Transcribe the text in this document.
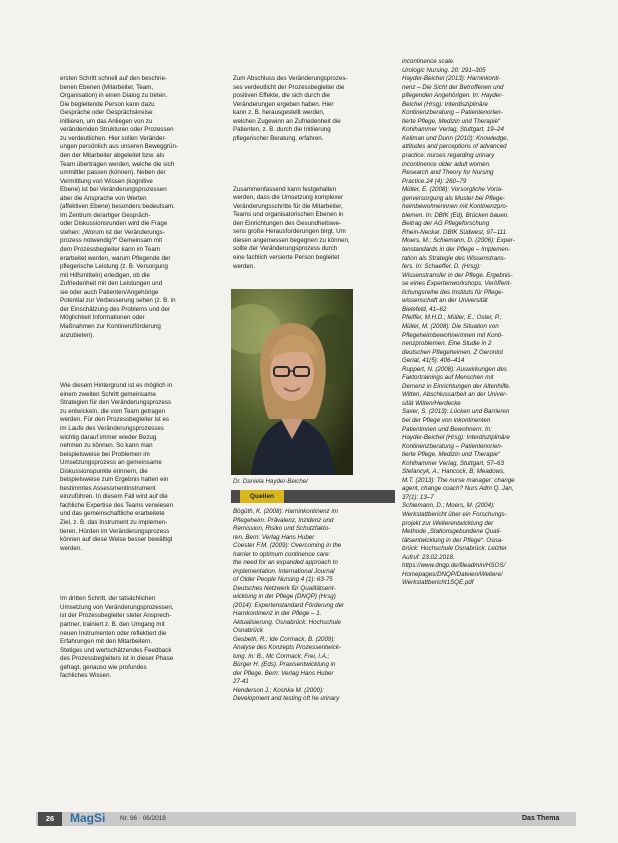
ersten Schritt schnell auf den beschrie-
benen Ebenen (Mitarbeiter, Team,
Organisation) in einen Dialog zu treten.
Die begleitende Person kann dazu
Gespräche oder Gesprächskreise
initiieren, um das Anliegen von zu
verändernden Strukturen oder Prozessen
zu verdeutlichen. Hier sollen Veränder-
ungen persönlich aus unseren Beweggrün-
den der Mitarbeiter abgeleitet bzw. als
Team übertragen werden, welche die sich
ummittler passen (können). Neben der
Vermittlung von Wissen (kognitive
Ebene) ist bei Veränderungsprozessen
aber die Ansprache von Werten
(affektiven Ebene) besonders bedeutsam.
Im Zentrum derartiger Gespräch-
oder Diskussionsrunden wird die Frage
stehen: „Worum ist der Veränderungs-
prozess notwendig?“ Gemeinsam mit
dem Prozessbegleiter kann im Team
erarbeitet werden, warum Pflegende der
pflegerische Leistung (z. B. Versorgung
mit Hilfsmitteln) erledigen, ob die
Zufriedenheit mit den Leistungen und
sie oder auch Patienten/Angehörige
Potential zur Verbesserung sehen (z. B. in
der Einschätzung des Problems und der
Möglichkeit Informationen oder
Maßnahmen zur Kontinenzförderung
anzubieten).

Wie diesem Hintergrund ist es möglich in
einem zweiten Schritt gemeinsame
Strategien für den Veränderungsprozess
zu entwickeln, die vom Team getragen
werden. Für den Prozessbegleiter ist es
im Laufe des Veränderungsprozesses
wichtig darauf immer wieder Bezug
nehmen zu können. So kann man
beispielsweise bei Problemen im
Umsetzungsprozess an gemeinsame
Diskussionspunkte erinnern, die
beispielsweise zum Ergebnis hatten ein
bestimmtes Assessmentinstrument
einzuführen. In diesem Fall wird auf die
fachliche Expertise des Teams verwiesen
und das gemeinschaftliche erarbeitete
Ziel, z. B. das Instrument zu implemen-
tieren. Hürden im Veränderungsprozess
können auf diese Weise besser bewältigt
werden.

Im dritten Schritt, der tatsächlichen
Umsetzung von Veränderungsprozessen,
ist der Prozessbegleiter steter Ansprech-
partner, trainiert z. B. den Umgang mit
neuen Instrumenten oder reflektiert die
Erfahrungen mit den Mitarbeitern.
Stetiges und wertschätzendes Feedback
des Prozessbegleiters ist in dieser Phase
gefragt, genauso wie profundes
fachliches Wissen.

Zum Abschluss des Veränderungsprozes-
ses verdeutlicht der Prozessbegleiter die
positiven Effekte, die sich durch die
Veränderungen ergeben haben. Hier
kann z. B. herausgestellt werden,
welchen Zugewinn an Zufriedenheit die
Patienten, z. B. durch die Initiierung
pflegerischer Beratung, erfahren.

Zusammenfassend kann festgehalten
werden, dass die Umsetzung komplexer
Veränderungsschritte für die Mitarbeiter,
Teams und organisatorischen Ebenen in
den Einrichtungen des Gesundheitswe-
sens große Herausforderungen birgt. Um
diesen angemessen begegnen zu können,
sollte der Veränderungsprozess durch
eine fachlich versierte Person begleitet
werden.

Dr. Daniela Hayder-Beichel
Quellen
Bögüth, K. (2008): Harninkontinenz im
Pflegeheim: Prävalenz, Inzidenz und
Remission, Risiko und Schutzfakto-
ren. Bern: Verlag Hans Huber
Coester F.M. (2009): Overcoming in the
harrier to optimum continence care:
the need for an expanded approach to
implementation. International Journal
of Older People Nursing 4 (1): 63-75
Deutsches Netzwerk für Qualitätsent-
wicklung in der Pflege (DNQP) (Hrsg)
(2014): Expertenstandard Förderung der
Harnkontinenz in der Pflege – 1.
Aktualisierung. Osnabrück: Hochschule
Osnabrück
Gesbeth, R.; Ide Cormack, B. (2009):
Analyse des Konzepts Prozessentwick-
lung. In: B., Mc Cormack; Frei, I.A.;
Bürger H. (Eds). Praxisentwicklung in
der Pflege. Bern: Verlag Hans Huber
27-41
Henderson J.; Koshka M. (2000):
Development and testing oft he urinary
incontinence scale.
Urologic Nursing. 20: 291–305
Hayder-Beichel (2013): Harninkonti-
nenz – Die Sicht der Betroffenen und
pflegenden Angehörigen. In: Hayder-
Beichel (Hrsg): Interdisziplinäre
Kontinenzberatung – Patientenorien-
tierte Pflege, Medizin und Therapie“
Kohlhammer Verlag, Stuttgart, 19–24
Kellman und Dunn (2010): Knowledge,
attitudes and perceptions of advanced
practice: nurses regarding urinary
incontinence older adult women.
Research and Theory for Nursing
Practice.24 (4): 260–79
Müller, E. (2008): Vorsorgliche Vorla-
genversorgung als Muster bei Pflege-
heimbewohnerinnen mit Kontinenzpro-
blemen. In: DBfK (Ed), Brücken bauen.
Beitrag der AG Pflegeforschung
Rhein-Neckar. DBfK Südwest, 97–111
Moers, M.; Schiemann, D. (2006): Exper-
tenstandards in der Pflege – Implemen-
tation als Strategie des Wissenstrans-
fers. In: Schaeffer, D. (Hrsg):
Wissenstransfer in der Pflege. Ergebnis-
se eines Expertenworkshops. Veröffent-
lichungsreihe des Instituts für Pflege-
wissenschaft an der Universität
Bielefeld, 41–62
Pfeiffer, M.H.D.; Müller, E.; Oster, P.;
Müller, M. (2008): Die Situation von
Pflegeheimbewohnerinnen mit Konti-
nenzproblemen. Eine Studie in 2
deutschen Pflegeheimen. Z Gerontol
Geriat, 41(5): 406–414
Ruppert, N. (2008): Auswirkungen des
Faktortrainings auf Menschen mit
Demenz in Einrichtungen der Altenhilfe.
Witten, Abschlussarbeit an der Univer-
sität Witten/Herdecke
Saxer, S. (2013): Lücken und Barrieren
bei der Pflege von inkontinenten
Patientinnen und Bewohnern. In:
Hayder-Beichel (Hrsg): Interdisziplinäre
Kontinenzberatung – Patientenorien-
tierte Pflege, Medizin und Therapie“
Kohlhammer Verlag, Stuttgart, 57–63
Stefancyk, A.; Hancock, B; Meadows,
M.T. (2013): The nurse manager: change
agent, change coach? Nurs Adm Q. Jan,
37(1): 13–7
Schiemann, D.; Moers, M. (2004):
Werkstattbericht über ein Forschungs-
projekt zur Weiterentwicklung der
Methode „Stationsgebundene Quali-
tätsentwicklung in der Pflege“. Osna-
brück: Hochschule Osnabrück. Letzter
Aufruf: 23.02.2018.
https://www.dnqp.de/fileadmin/HSOS/
Homepages/DNQP/Dateien/Weitere/
Werkstattbericht1SQE.pdf
26	MagSi Nr. 96 · 06/2018	Das Thema
